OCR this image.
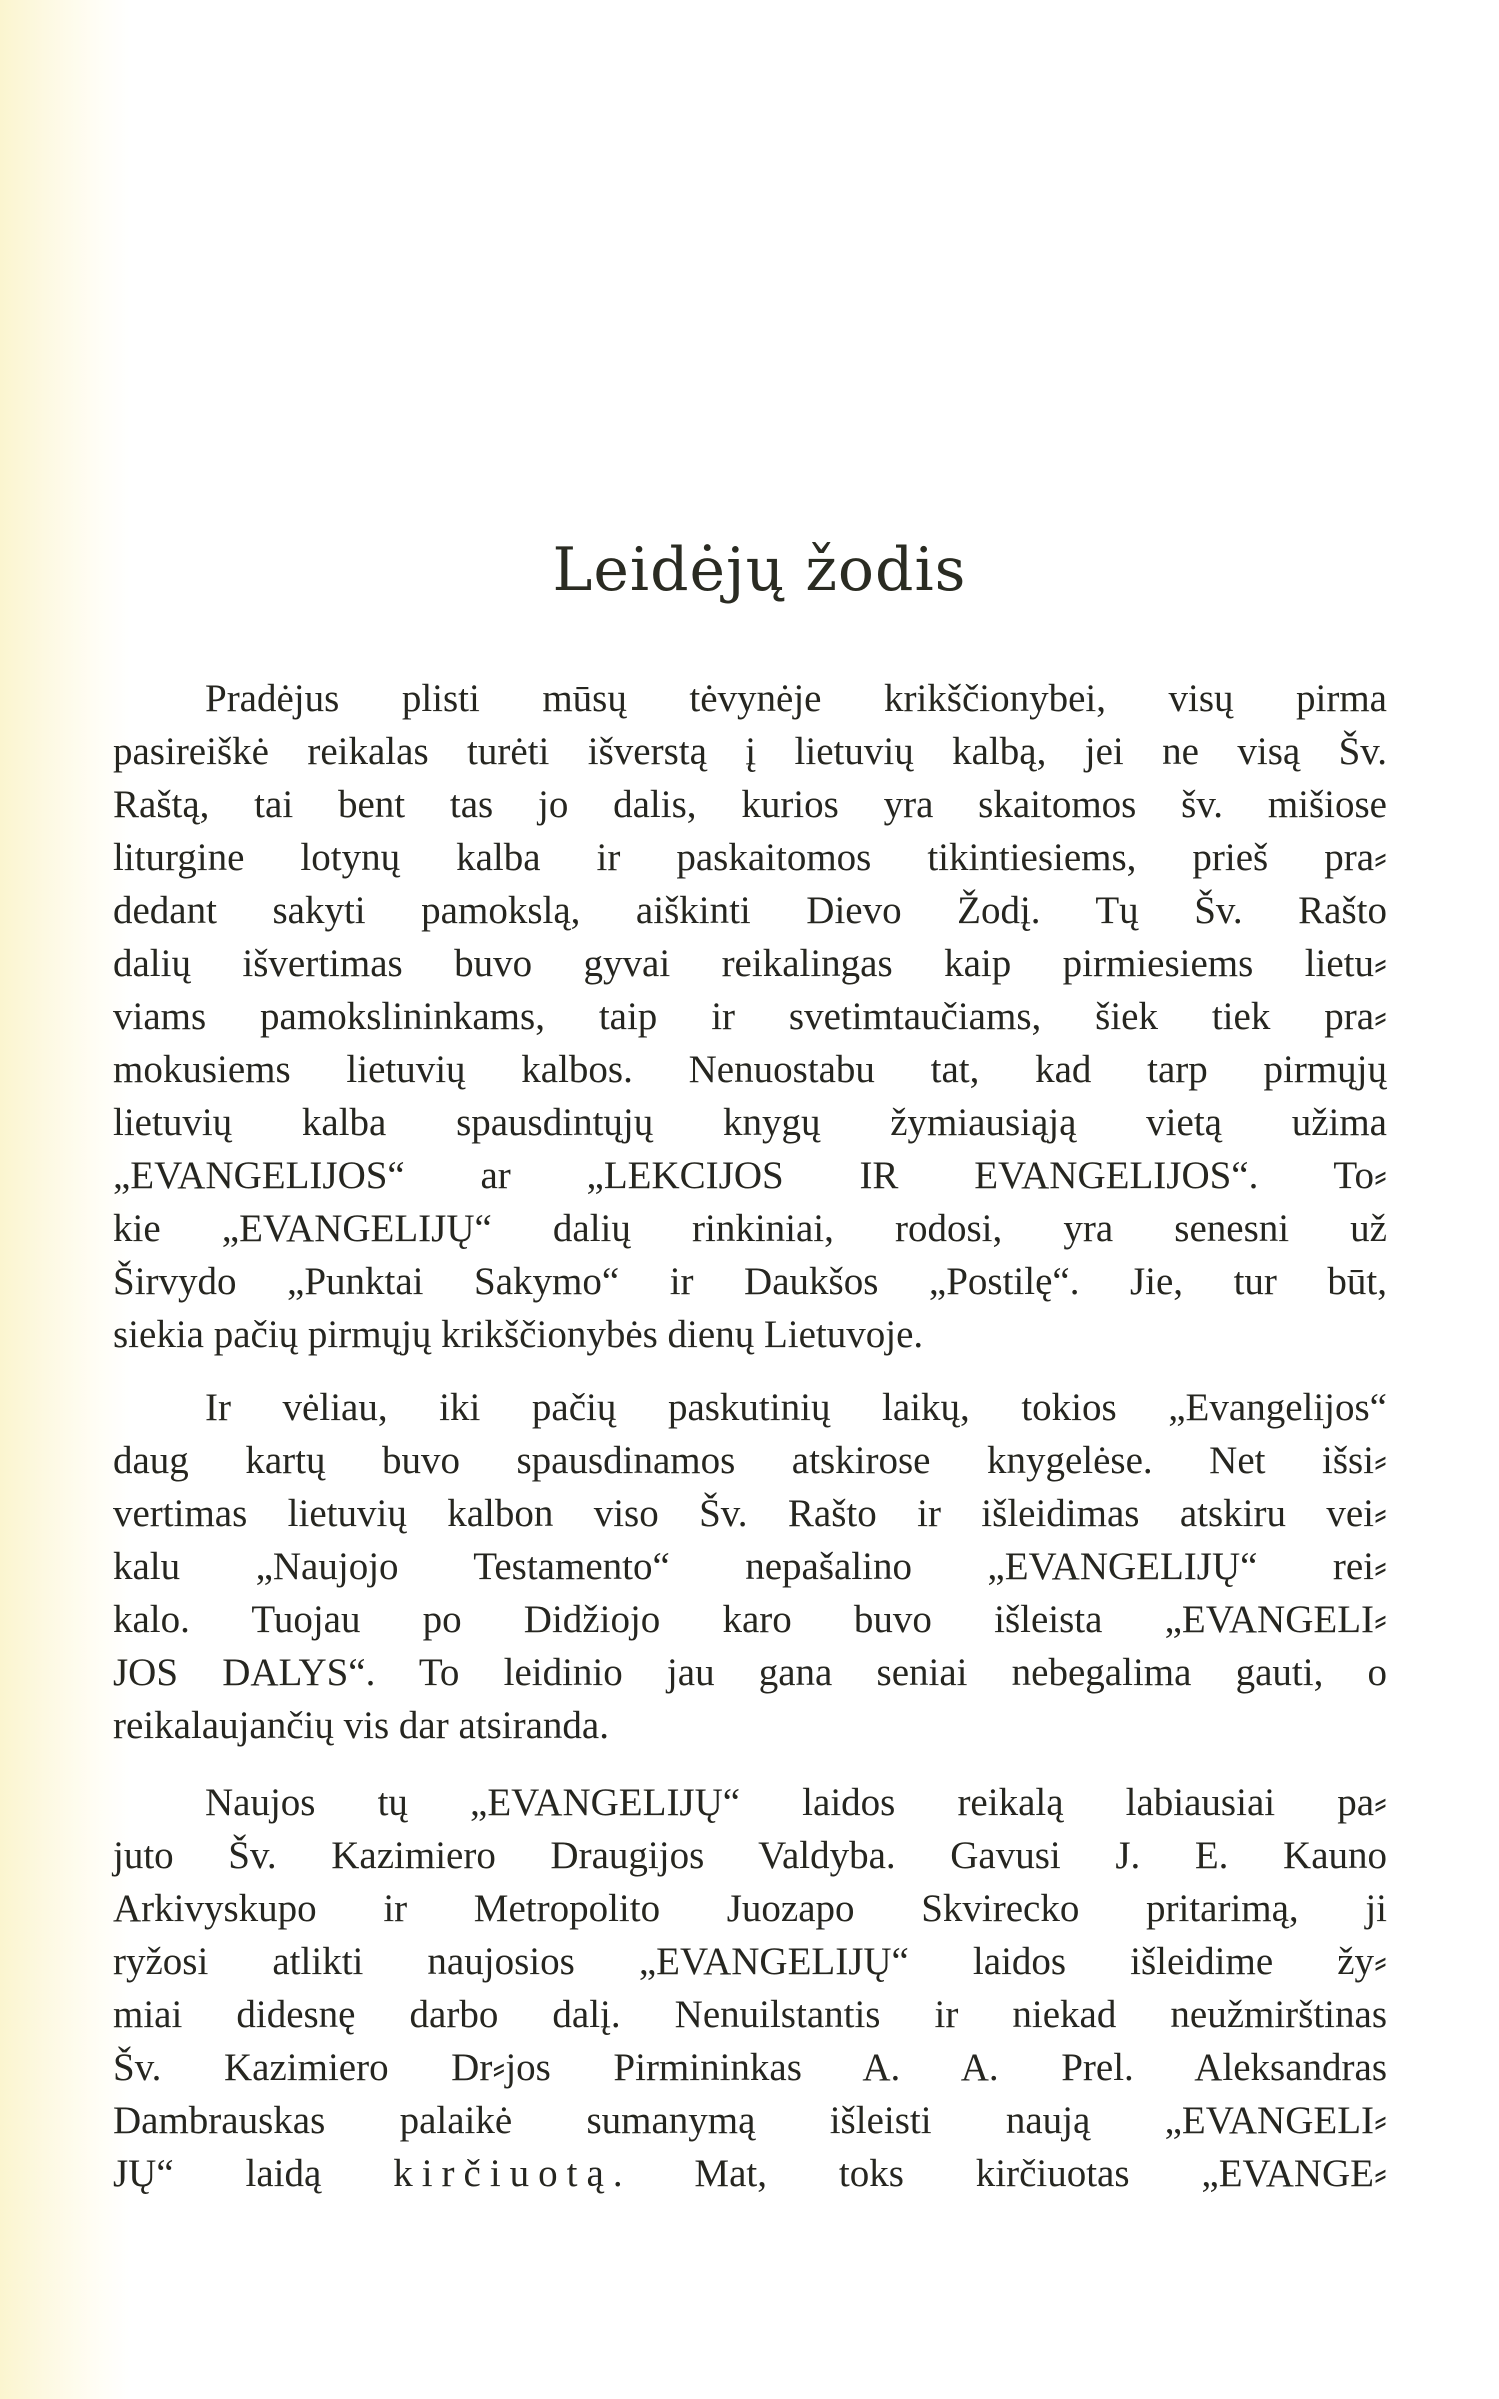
Leidėjų žodis
Pradėjus plisti mūsų tėvynėje krikščionybei, visų pirma
pasireiškė reikalas turėti išverstą į lietuvių kalbą, jei ne visą Šv.
Raštą, tai bent tas jo dalis, kurios yra skaitomos šv. mišiose
liturgine lotynų kalba ir paskaitomos tikintiesiems, prieš pra⸗
dedant sakyti pamokslą, aiškinti Dievo Žodį. Tų Šv. Rašto
dalių išvertimas buvo gyvai reikalingas kaip pirmiesiems lietu⸗
viams pamokslininkams, taip ir svetimtaučiams, šiek tiek pra⸗
mokusiems lietuvių kalbos. Nenuostabu tat, kad tarp pirmųjų
lietuvių kalba spausdintųjų knygų žymiausiąją vietą užima
„EVANGELIJOS“ ar „LEKCIJOS IR EVANGELIJOS“. To⸗
kie „EVANGELIJŲ“ dalių rinkiniai, rodosi, yra senesni už
Širvydo „Punktai Sakymo“ ir Daukšos „Postilę“. Jie, tur būt,
siekia pačių pirmųjų krikščionybės dienų Lietuvoje.
Ir vėliau, iki pačių paskutinių laikų, tokios „Evangelijos“
daug kartų buvo spausdinamos atskirose knygelėse. Net išsi⸗
vertimas lietuvių kalbon viso Šv. Rašto ir išleidimas atskiru vei⸗
kalu „Naujojo Testamento“ nepašalino „EVANGELIJŲ“ rei⸗
kalo. Tuojau po Didžiojo karo buvo išleista „EVANGELI⸗
JOS DALYS“. To leidinio jau gana seniai nebegalima gauti, o
reikalaujančių vis dar atsiranda.
Naujos tų „EVANGELIJŲ“ laidos reikalą labiausiai pa⸗
juto Šv. Kazimiero Draugijos Valdyba. Gavusi J. E. Kauno
Arkivyskupo ir Metropolito Juozapo Skvirecko pritarimą, ji
ryžosi atlikti naujosios „EVANGELIJŲ“ laidos išleidime žy⸗
miai didesnę darbo dalį. Nenuilstantis ir niekad neužmirštinas
Šv. Kazimiero Dr⸗jos Pirmininkas A. A. Prel. Aleksandras
Dambrauskas palaikė sumanymą išleisti naują „EVANGELI⸗
JŲ“ laidą kirčiuotą. Mat, toks kirčiuotas „EVANGE⸗
